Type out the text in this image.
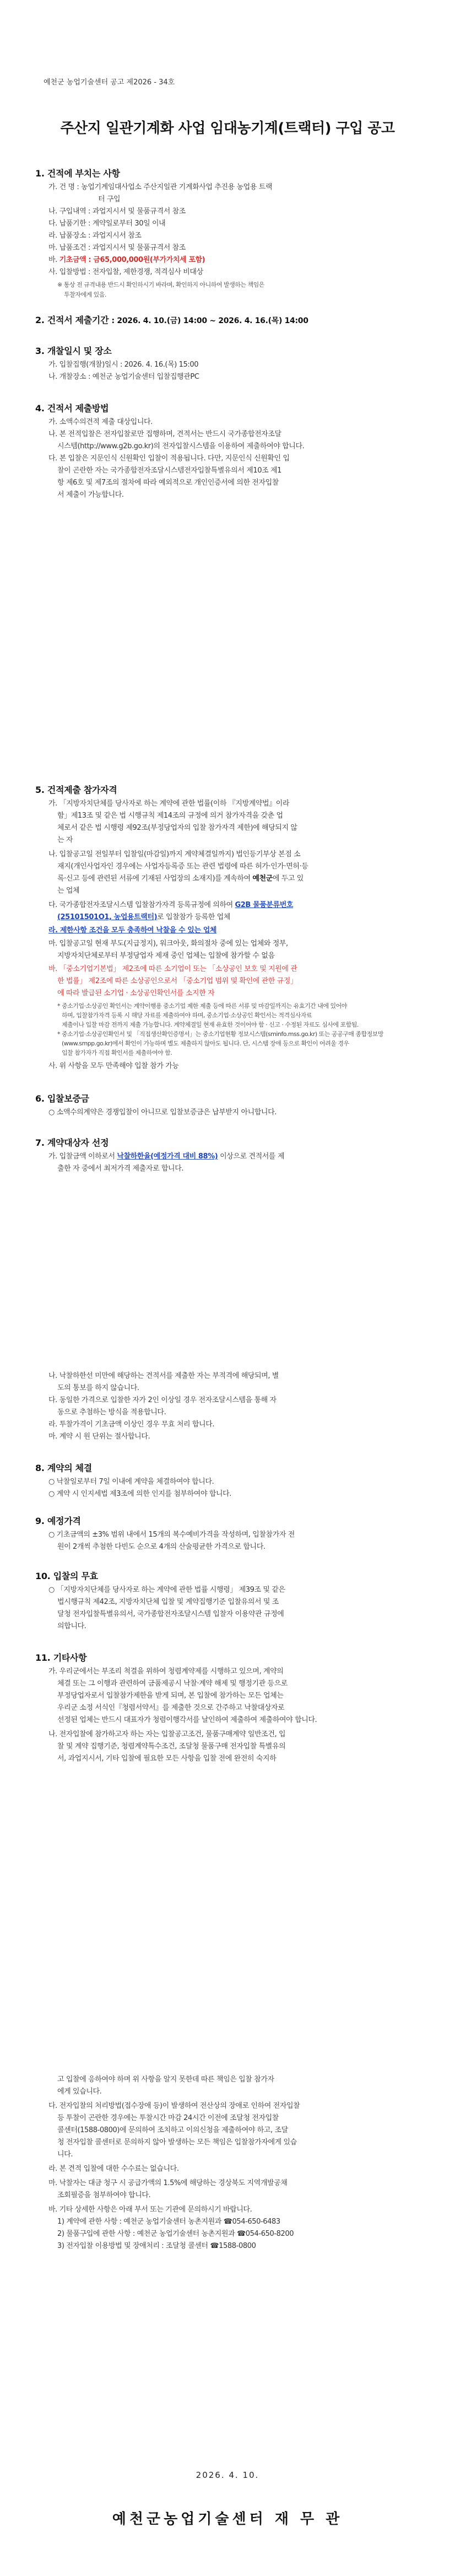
예천군 농업기술센터 공고 제2026 - 34호
주산지 일관기계화 사업 임대농기계(트랙터) 구입 공고
1. 건적에 부치는 사항
가. 건 명 : 농업기계임대사업소 주산지일관 기계화사업 추진용 농업용 트랙
터 구입
나. 구입내역 : 과업지시서 및 물품규격서 참조
다. 납품기한 : 계약일로부터 30일 이내
라. 납품장소 : 과업지시서 참조
마. 납품조건 : 과업지시서 및 물품규격서 참조
바. 기초금액 : 금65,000,000원(부가가치세 포함)
사. 입찰방법 : 전자입찰, 제한경쟁, 적격심사 비대상
※ 통상 전 규격내용 반드시 확인하시기 바라며, 확인하지 아니하여 발생하는 책임은
투찰자에게 있음.
2. 건적서 제출기간 : 2026. 4. 10.(금) 14:00 ~ 2026. 4. 16.(목) 14:00
3. 개찰일시 및 장소
가. 입찰집행(개찰)일시 : 2026. 4. 16.(목) 15:00
나. 개찰장소 : 예천군 농업기술센터 입찰집행관PC
4. 건적서 제출방법
가. 소액수의견적 제출 대상입니다.
나. 본 전적입찰은 전자입찰로만 집행하며, 견적서는 반드시 국가종합전자조달
시스템(http://www.g2b.go.kr)의 전자입찰시스템을 이용하여 제출하여야 합니다.
다. 본 입찰은 지문인식 신원확인 입찰이 적용됩니다. 다만, 지문인식 신원확인 입
찰이 곤란한 자는 국가종합전자조달시스템전자입찰특별유의서 제10조 제1
항 제6호 및 제7조의 절차에 따라 예외적으로 개인인증서에 의한 전자입찰
서 제출이 가능합니다.
5. 건적제출 참가자격
가. 「지방자치단체를 당사자로 하는 계약에 관한 법률(이하 『지방계약법』이라
함」제13조 및 같은 법 시행규칙 제14조의 규정에 의거 참가자격을 갖춘 업
체로서 같은 법 시행령 제92조(부정당업자의 입찰 참가자격 제한)에 해당되지 않
는 자
나. 입찰공고일 전일부터 입찰일(마감일)까지 계약체결일까지) 법인등기부상 본점 소
재지(개인사업자인 경우에는 사업자등록증 또는 관련 법령에 따른 허가·인가·면허·등
록·신고 등에 관련된 서류에 기재된 사업장의 소재지)를 계속하여 예천군에 두고 있
는 업체
다. 국가종합전자조달시스템 입찰참가자격 등록규정에 의하여 G2B 물품분류번호
(25101501O1, 농업용트랙터)로 입찰참가 등록한 업체
라. 제한사항 조건을 모두 충족하여 낙찰을 수 있는 업체
마. 입찰공고일 현재 부도(지급정지), 워크아웃, 화의절차 중에 있는 업체와 정부,
지방자치단체로부터 부정당업자 제재 중인 업체는 입찰에 참가할 수 없음
바. 「중소기업기본법」 제2조에 따른 소기업이 또는 「소상공인 보호 및 지원에 관
한 법률」 제2조에 따른 소상공인으로서 「중소기업 범위 및 확인에 관한 규정」
에 따라 발급된 소기업 · 소상공인확인서를 소지한 자
* 중소기업·소상공인 확인서는 계약이행용 중소기업 제한 제출 등에 따른 서류 및 마감일까지는 유효기간 내에 있어야
하며, 입찰참가자격 등록 시 해당 자료를 제출하여야 하며, 중소기업·소상공인 확인서는 적격심사자료
제출이나 입찰 마감 전까지 제출 가능합니다. 계약체결일 현재 유효한 것이어야 함 · 신고 · 수정된 자료도 심사에 포함됨.
* 중소기업·소상공인확인서 및 「직접생산확인증명서」는 중소기업현황 정보시스템(sminfo.mss.go.kr) 또는 공공구매 종합정보망
(www.smpp.go.kr)에서 확인이 가능하며 별도 제출하지 않아도 됩니다. 단, 시스템 장애 등으로 확인이 어려울 경우
입찰 참가자가 직접 확인서를 제출하여야 함.
사. 위 사항을 모두 만족해야 입찰 참가 가능
6. 입찰보증금
○ 소액수의계약은 경쟁입찰이 아니므로 입찰보증금은 납부받지 아니합니다.
7. 계약대상자 선정
가. 입찰금액 이하로서 낙찰하한율(예정가격 대비 88%) 이상으로 견적서를 제
출한 자 중에서 최저가격 제출자로 합니다.
나. 낙찰하한선 미만에 해당하는 견적서를 제출한 자는 부적격에 해당되며, 별
도의 통보를 하지 않습니다.
다. 동일한 가격으로 입찰한 자가 2인 이상일 경우 전자조달시스템을 통해 자
동으로 추첨하는 방식을 적용합니다.
라. 투찰가격이 기초금액 이상인 경우 무효 처리 합니다.
마. 계약 시 원 단위는 절사합니다.
8. 계약의 체결
○ 낙찰일로부터 7일 이내에 계약을 체결하여야 합니다.
○ 계약 시 인지세법 제3조에 의한 인지를 첨부하여야 합니다.
9. 예정가격
○ 기초금액의 ±3% 범위 내에서 15개의 복수예비가격을 작성하며, 입찰참가자 전
원이 2개씩 추첨한 다빈도 순으로 4개의 산술평균한 가격으로 합니다.
10. 입찰의 무효
○ 「지방자치단체를 당사자로 하는 계약에 관한 법률 시행령」 제39조 및 같은
법시행규칙 제42조, 지방자치단체 입찰 및 계약집행기준 입찰유의서 및 조
달청 전자입찰특별유의서, 국가종합전자조달시스템 입찰자 이용약관 규정에
의합니다.
11. 기타사항
가. 우리군에서는 부조리 척결을 위하여 청렴계약제를 시행하고 있으며, 계약의
체결 또는 그 이행과 관련하여 금품제공시 낙찰·계약 해제 및 행정기관 등으로
부정당업자로서 입찰참가제한을 받게 되며, 본 입찰에 참가하는 모든 업체는
우리군 소정 서식인『청렴서약서』를 제출한 것으로 간주하고 낙찰대상자로
선정된 업체는 반드시 대표자가 청렴이행각서를 날인하여 제출하여 제출하여야 합니다.
나. 전자입찰에 참가하고자 하는 자는 입찰공고조건, 물품구매계약 일반조건, 입
찰 및 계약 집행기준, 청렴계약특수조건, 조달청 물품구매 전자입찰 특별유의
서, 과업지시서, 기타 입찰에 필요한 모든 사항을 입찰 전에 완전히 숙지하
고 입찰에 응하여야 하며 위 사항을 알지 못한데 따른 책임은 입찰 참가자
에게 있습니다.
다. 전자입찰의 처리방법(접수장애 등)이 발생하여 전산상의 장애로 인하여 전자입찰
등 투찰이 곤란한 경우에는 투찰시간 마감 24시간 이전에 조달청 전자입찰
콜센터(1588-0800)에 문의하여 조치하고 이의신청을 제출하여야 하고, 조달
청 전자입찰 콜센터로 문의하지 않아 발생하는 모든 책임은 입찰참가자에게 있습
니다.
라. 본 견적 입찰에 대한 수수료는 없습니다.
마. 낙찰자는 대금 청구 시 공급가액의 1.5%에 해당하는 경상북도 지역개발공채
조회필증을 첨부하여야 합니다.
바. 기타 상세한 사항은 아래 부서 또는 기관에 문의하시기 바랍니다.
1) 계약에 관한 사항 : 예천군 농업기술센터 농촌지원과 ☎054-650-6483
2) 물품구입에 관한 사항 : 예천군 농업기술센터 농촌지원과 ☎054-650-8200
3) 전자입찰 이용방법 및 장애처리 : 조달청 콜센터 ☎1588-0800
2026. 4. 10.
예천군농업기술센터 재 무 관
